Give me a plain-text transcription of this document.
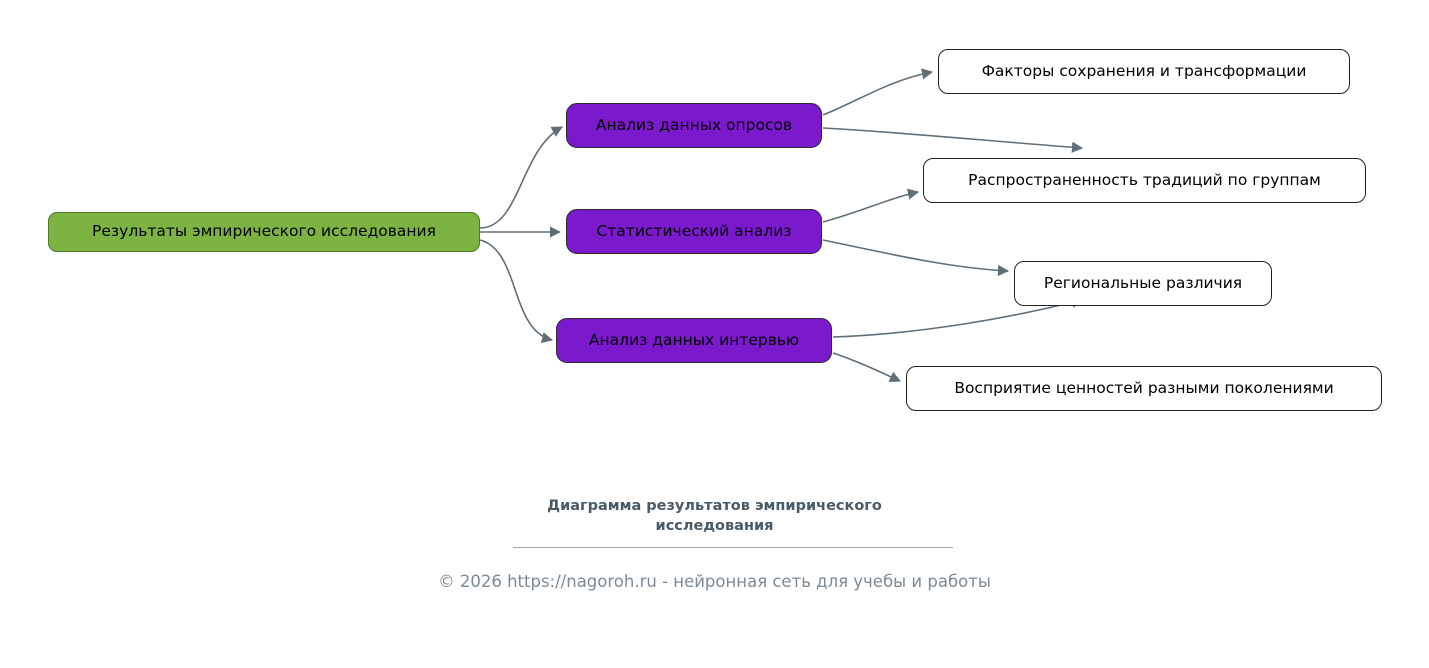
Результаты эмпирического исследования
Анализ данных опросов
Статистический анализ
Анализ данных интервью
Факторы сохранения и трансформации
Распространенность традиций по группам
Региональные различия
Восприятие ценностей разными поколениями
Диаграмма результатов эмпирического
исследования
© 2026 https://nagoroh.ru - нейронная сеть для учебы и работы
